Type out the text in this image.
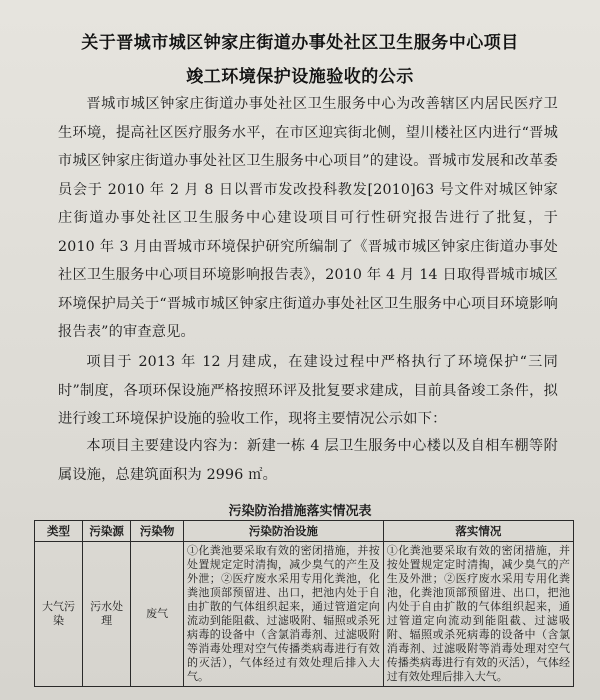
关于晋城市城区钟家庄街道办事处社区卫生服务中心项目
竣工环境保护设施验收的公示
晋城市城区钟家庄街道办事处社区卫生服务中心为改善辖区内居民医疗卫生环境，提高社区医疗服务水平，在市区迎宾街北侧，望川楼社区内进行“晋城市城区钟家庄街道办事处社区卫生服务中心项目”的建设。晋城市发展和改革委员会于 2010 年 2 月 8 日以晋市发改投科教发[2010]63 号文件对城区钟家庄街道办事处社区卫生服务中心建设项目可行性研究报告进行了批复，于 2010 年 3 月由晋城市环境保护研究所编制了《晋城市城区钟家庄街道办事处社区卫生服务中心项目环境影响报告表》，2010 年 4 月 14 日取得晋城市城区环境保护局关于“晋城市城区钟家庄街道办事处社区卫生服务中心项目环境影响报告表”的审查意见。
项目于 2013 年 12 月建成，在建设过程中严格执行了环境保护“三同时”制度，各项环保设施严格按照环评及批复要求建成，目前具备竣工条件，拟进行竣工环境保护设施的验收工作，现将主要情况公示如下：
本项目主要建设内容为：新建一栋 4 层卫生服务中心楼以及自相车棚等附属设施，总建筑面积为 2996 ㎡。
污染防治措施落实情况表
类型	污染源	污染物	污染防治设施	落实情况
大气污染	污水处理	废气	①化粪池要采取有效的密闭措施，并按处置规定定时清掏，减少臭气的产生及外泄；②医疗废水采用专用化粪池，化粪池顶部预留进、出口，把池内处于自由扩散的气体组织起来，通过管道定向流动到能阻截、过滤吸附、辐照或杀死病毒的设备中（含氯消毒剂、过滤吸附等消毒处理对空气传播类病毒进行有效的灭活），气体经过有效处理后排入大气。	①化粪池要采取有效的密闭措施，并按处置规定定时清掏，减少臭气的产生及外泄；②医疗废水采用专用化粪池，化粪池顶部预留进、出口，把池内处于自由扩散的气体组织起来，通过管道定向流动到能阻截、过滤吸附、辐照或杀死病毒的设备中（含氯消毒剂、过滤吸附等消毒处理对空气传播类病毒进行有效的灭活），气体经过有效处理后排入大气。
